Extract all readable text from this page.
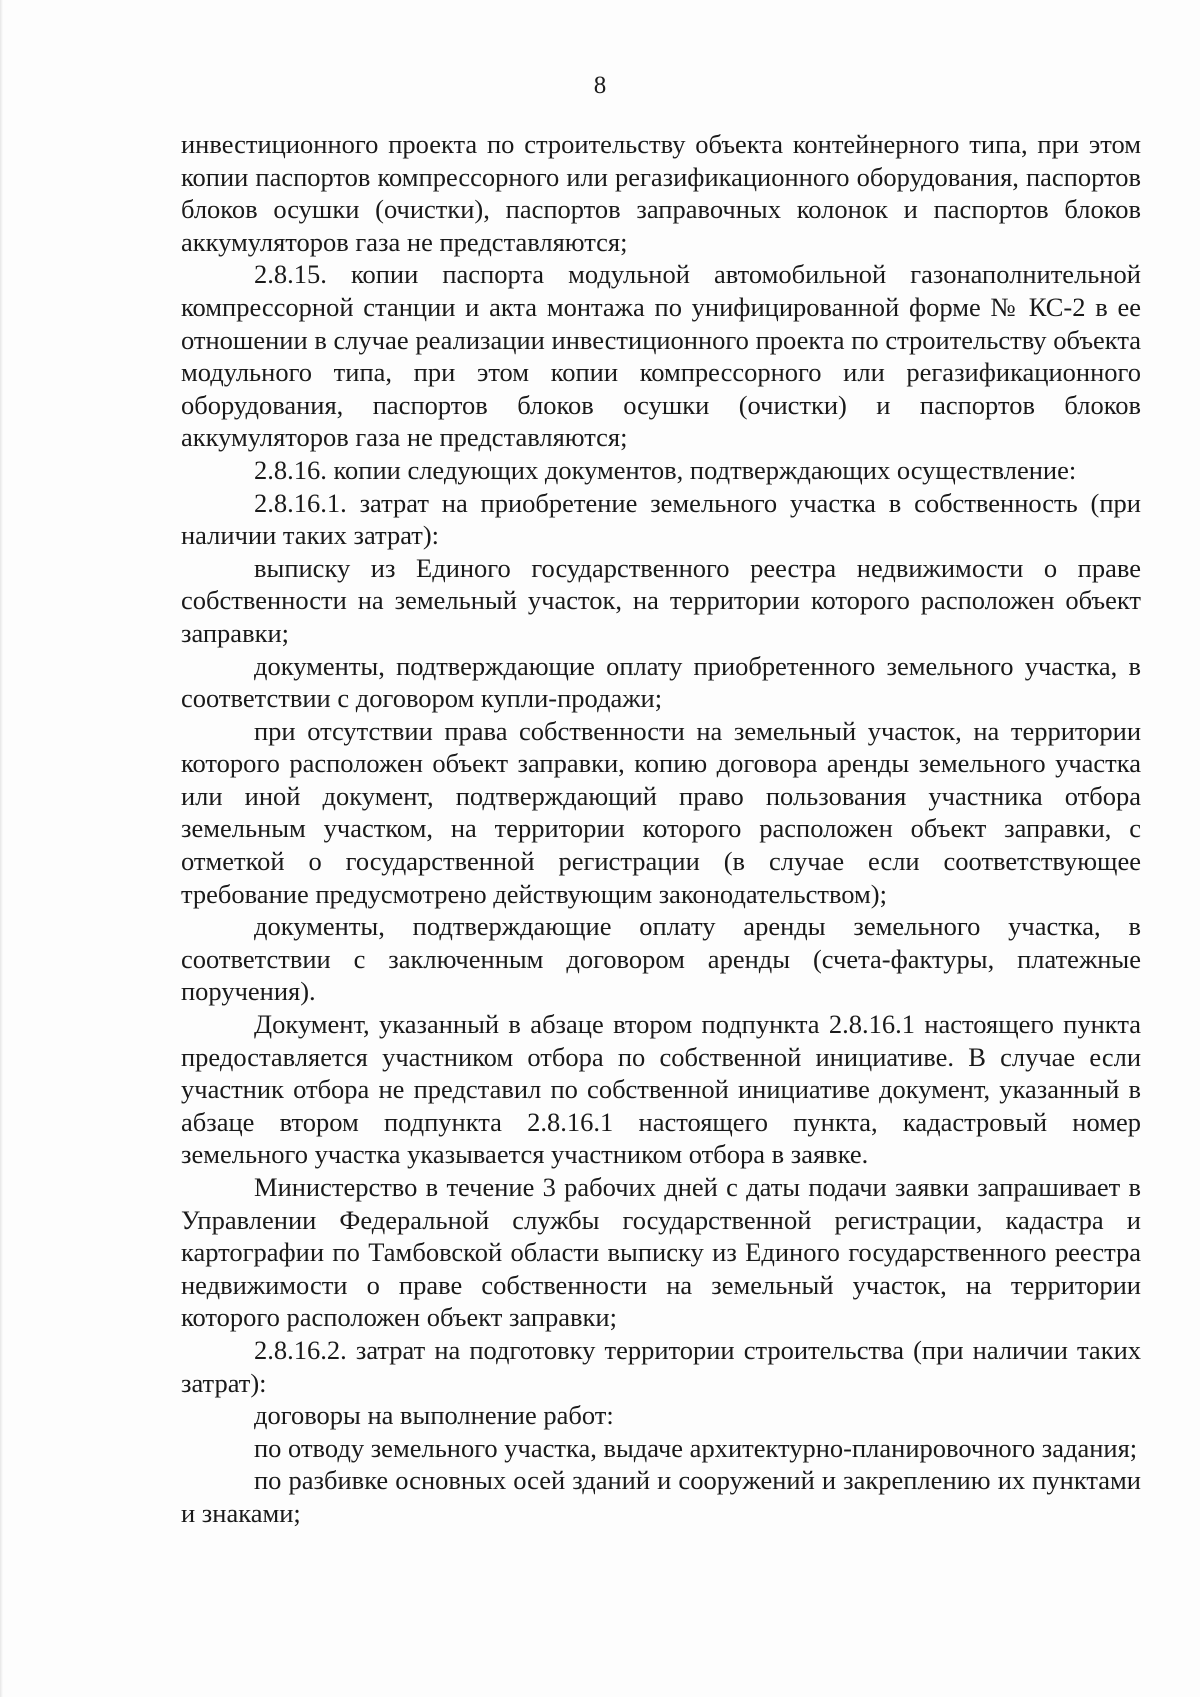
8

инвестиционного проекта по строительству объекта контейнерного типа, при этом копии паспортов компрессорного или регазификационного оборудования, паспортов блоков осушки (очистки), паспортов заправочных колонок и паспортов блоков аккумуляторов газа не представляются;

2.8.15. копии паспорта модульной автомобильной газонаполнительной компрессорной станции и акта монтажа по унифицированной форме № КС-2 в ее отношении в случае реализации инвестиционного проекта по строительству объекта модульного типа, при этом копии компрессорного или регазификационного оборудования, паспортов блоков осушки (очистки) и паспортов блоков аккумуляторов газа не представляются;

2.8.16. копии следующих документов, подтверждающих осуществление:

2.8.16.1. затрат на приобретение земельного участка в собственность (при наличии таких затрат):

выписку из Единого государственного реестра недвижимости о праве собственности на земельный участок, на территории которого расположен объект заправки;

документы, подтверждающие оплату приобретенного земельного участка, в соответствии с договором купли-продажи;

при отсутствии права собственности на земельный участок, на территории которого расположен объект заправки, копию договора аренды земельного участка или иной документ, подтверждающий право пользования участника отбора земельным участком, на территории которого расположен объект заправки, с отметкой о государственной регистрации (в случае если соответствующее требование предусмотрено действующим законодательством);

документы, подтверждающие оплату аренды земельного участка, в соответствии с заключенным договором аренды (счета-фактуры, платежные поручения).

Документ, указанный в абзаце втором подпункта 2.8.16.1 настоящего пункта предоставляется участником отбора по собственной инициативе. В случае если участник отбора не представил по собственной инициативе документ, указанный в абзаце втором подпункта 2.8.16.1 настоящего пункта, кадастровый номер земельного участка указывается участником отбора в заявке.

Министерство в течение 3 рабочих дней с даты подачи заявки запрашивает в Управлении Федеральной службы государственной регистрации, кадастра и картографии по Тамбовской области выписку из Единого государственного реестра недвижимости о праве собственности на земельный участок, на территории которого расположен объект заправки;

2.8.16.2. затрат на подготовку территории строительства (при наличии таких затрат):

договоры на выполнение работ:

по отводу земельного участка, выдаче архитектурно-планировочного задания;

по разбивке основных осей зданий и сооружений и закреплению их пунктами и знаками;
